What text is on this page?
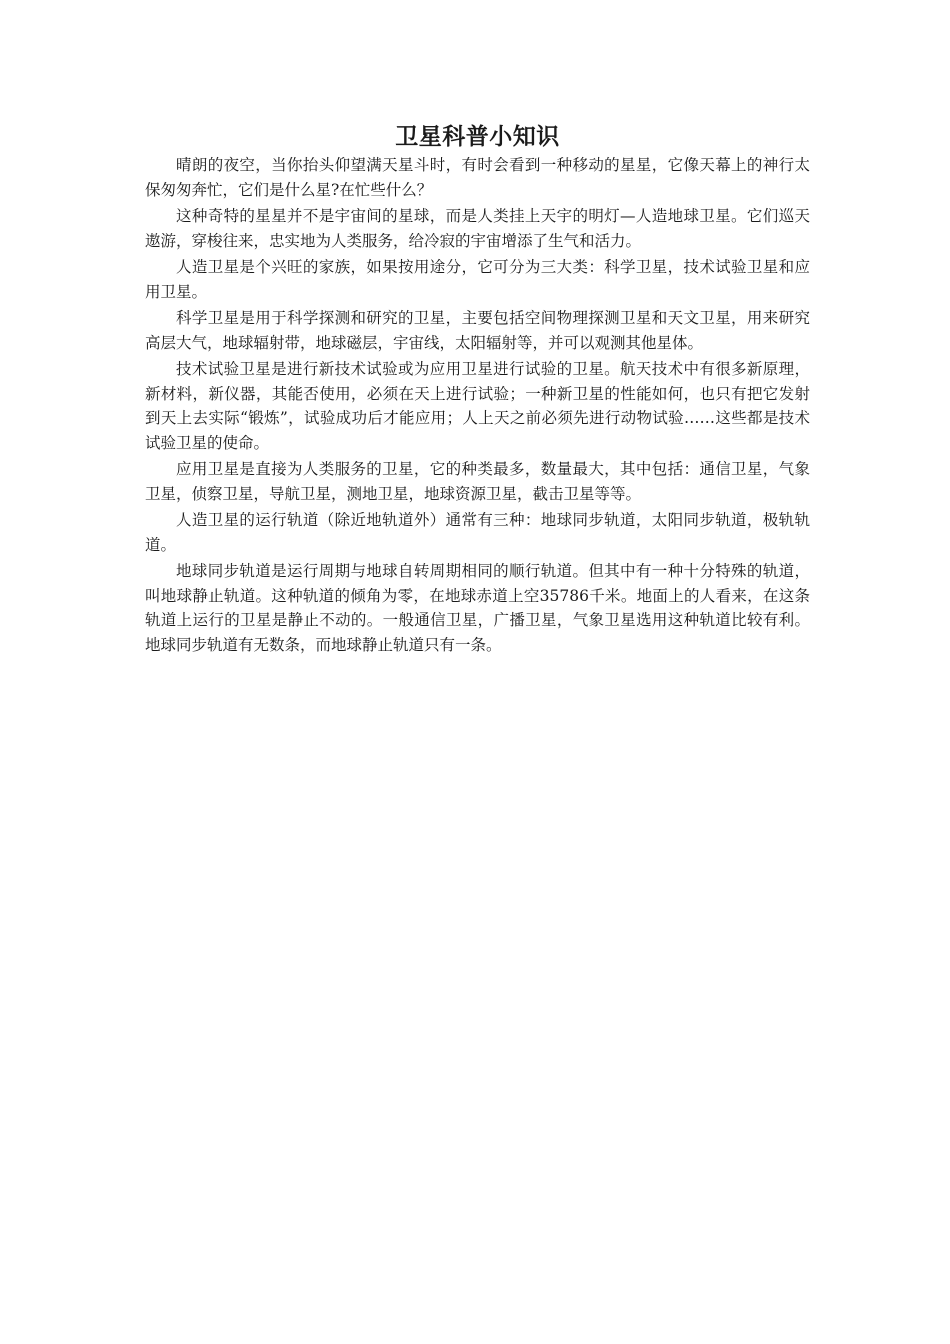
卫星科普小知识

晴朗的夜空，当你抬头仰望满天星斗时，有时会看到一种移动的星星，它像天幕上的神行太保匆匆奔忙，它们是什么星?在忙些什么？

这种奇特的星星并不是宇宙间的星球，而是人类挂上天宇的明灯—人造地球卫星。它们巡天遨游，穿梭往来，忠实地为人类服务，给冷寂的宇宙增添了生气和活力。

人造卫星是个兴旺的家族，如果按用途分，它可分为三大类：科学卫星，技术试验卫星和应用卫星。

科学卫星是用于科学探测和研究的卫星，主要包括空间物理探测卫星和天文卫星，用来研究高层大气，地球辐射带，地球磁层，宇宙线，太阳辐射等，并可以观测其他星体。

技术试验卫星是进行新技术试验或为应用卫星进行试验的卫星。航天技术中有很多新原理，新材料，新仪器，其能否使用，必须在天上进行试验；一种新卫星的性能如何，也只有把它发射到天上去实际“锻炼”，试验成功后才能应用；人上天之前必须先进行动物试验……这些都是技术试验卫星的使命。

应用卫星是直接为人类服务的卫星，它的种类最多，数量最大，其中包括：通信卫星，气象卫星，侦察卫星，导航卫星，测地卫星，地球资源卫星，截击卫星等等。

人造卫星的运行轨道（除近地轨道外）通常有三种：地球同步轨道，太阳同步轨道，极轨轨道。

地球同步轨道是运行周期与地球自转周期相同的顺行轨道。但其中有一种十分特殊的轨道，叫地球静止轨道。这种轨道的倾角为零，在地球赤道上空35786千米。地面上的人看来，在这条轨道上运行的卫星是静止不动的。一般通信卫星，广播卫星，气象卫星选用这种轨道比较有利。地球同步轨道有无数条，而地球静止轨道只有一条。
